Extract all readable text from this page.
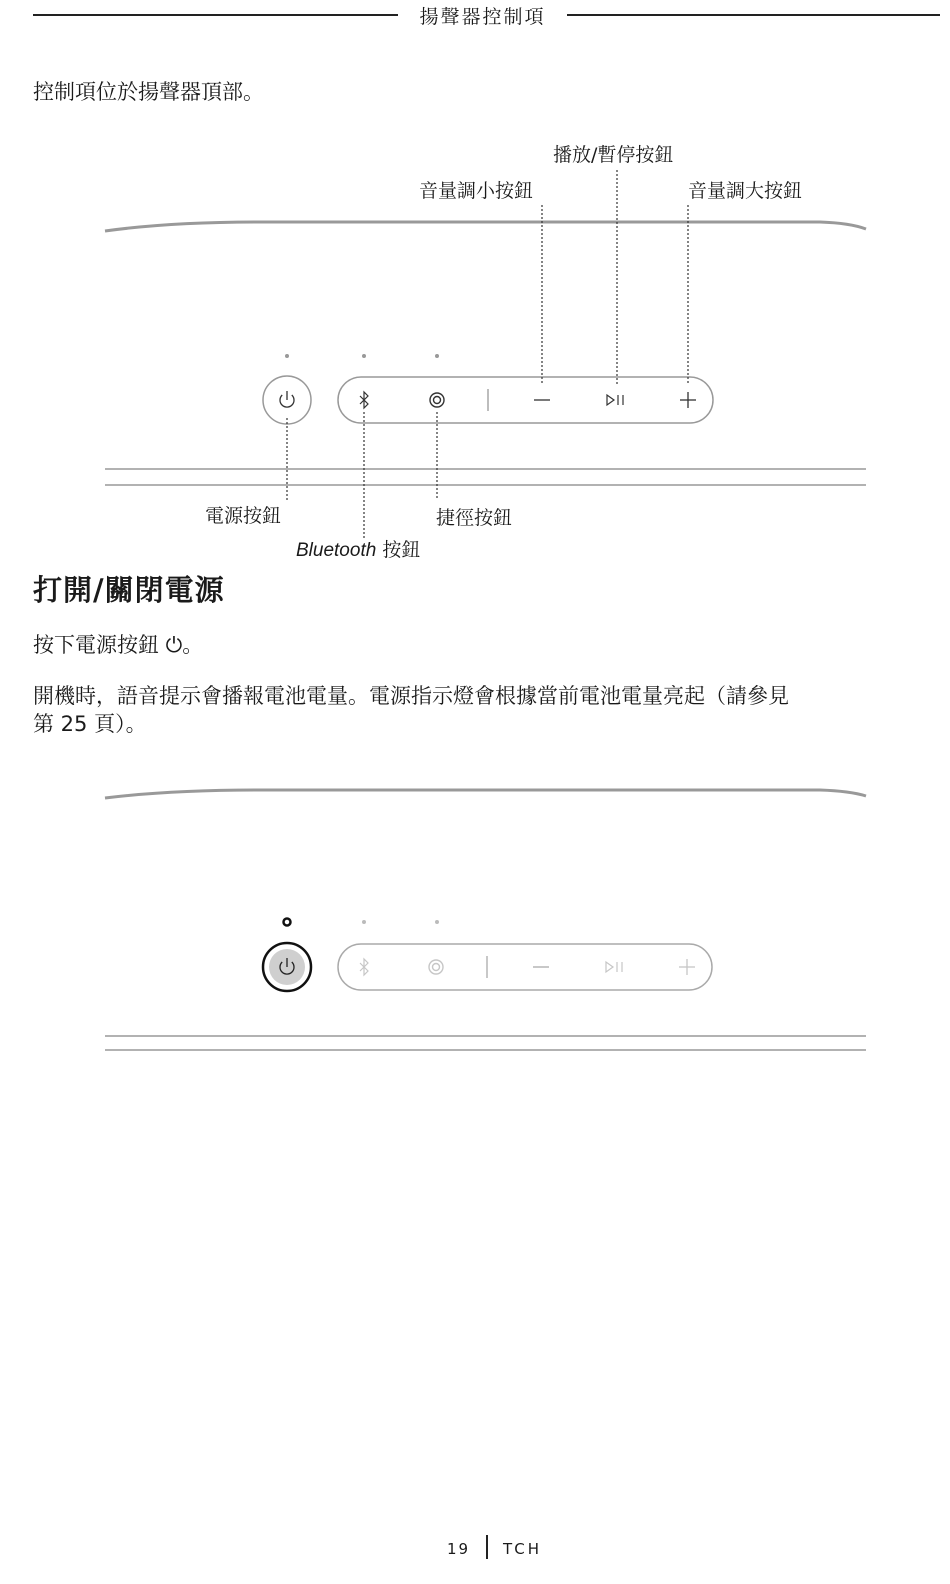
揚聲器控制項
控制項位於揚聲器頂部。
播放/暫停按鈕
音量調小按鈕	音量調大按鈕
電源按鈕	捷徑按鈕
Bluetooth 按鈕
打開/關閉電源
按下電源按鈕 ⏻。
開機時，語音提示會播報電池電量。電源指示燈會根據當前電池電量亮起（請參見
第 25 頁）。
19 TCH
